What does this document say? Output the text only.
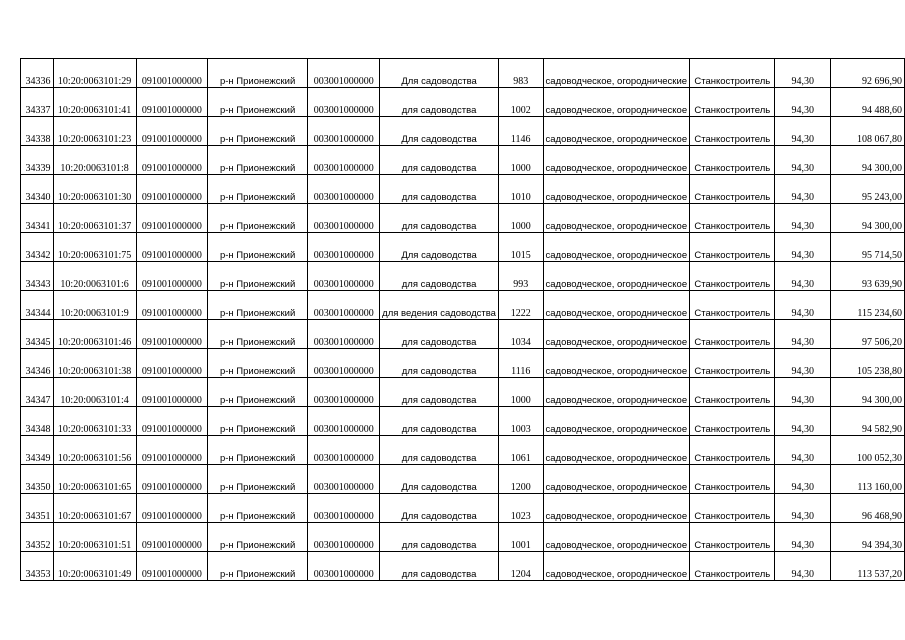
34336	10:20:0063101:29	091001000000	р-н Прионежский	003001000000	Для садоводства	983	садоводческое, огороднические	Станкостроитель	94,30	92 696,90
34337	10:20:0063101:41	091001000000	р-н Прионежский	003001000000	для садоводства	1002	садоводческое, огородническое	Станкостроитель	94,30	94 488,60
34338	10:20:0063101:23	091001000000	р-н Прионежский	003001000000	Для садоводства	1146	садоводческое, огородническое	Станкостроитель	94,30	108 067,80
34339	10:20:0063101:8	091001000000	р-н Прионежский	003001000000	для садоводства	1000	садоводческое, огородническое	Станкостроитель	94,30	94 300,00
34340	10:20:0063101:30	091001000000	р-н Прионежский	003001000000	для садоводства	1010	садоводческое, огородническое	Станкостроитель	94,30	95 243,00
34341	10:20:0063101:37	091001000000	р-н Прионежский	003001000000	для садоводства	1000	садоводческое, огородническое	Станкостроитель	94,30	94 300,00
34342	10:20:0063101:75	091001000000	р-н Прионежский	003001000000	Для садоводства	1015	садоводческое, огородническое	Станкостроитель	94,30	95 714,50
34343	10:20:0063101:6	091001000000	р-н Прионежский	003001000000	для садоводства	993	садоводческое, огородническое	Станкостроитель	94,30	93 639,90
34344	10:20:0063101:9	091001000000	р-н Прионежский	003001000000	для ведения садоводства	1222	садоводческое, огородническое	Станкостроитель	94,30	115 234,60
34345	10:20:0063101:46	091001000000	р-н Прионежский	003001000000	для садоводства	1034	садоводческое, огородническое	Станкостроитель	94,30	97 506,20
34346	10:20:0063101:38	091001000000	р-н Прионежский	003001000000	для садоводства	1116	садоводческое, огородническое	Станкостроитель	94,30	105 238,80
34347	10:20:0063101:4	091001000000	р-н Прионежский	003001000000	для садоводства	1000	садоводческое, огородническое	Станкостроитель	94,30	94 300,00
34348	10:20:0063101:33	091001000000	р-н Прионежский	003001000000	для садоводства	1003	садоводческое, огородническое	Станкостроитель	94,30	94 582,90
34349	10:20:0063101:56	091001000000	р-н Прионежский	003001000000	для садоводства	1061	садоводческое, огородническое	Станкостроитель	94,30	100 052,30
34350	10:20:0063101:65	091001000000	р-н Прионежский	003001000000	Для садоводства	1200	садоводческое, огородническое	Станкостроитель	94,30	113 160,00
34351	10:20:0063101:67	091001000000	р-н Прионежский	003001000000	Для садоводства	1023	садоводческое, огородническое	Станкостроитель	94,30	96 468,90
34352	10:20:0063101:51	091001000000	р-н Прионежский	003001000000	для садоводства	1001	садоводческое, огородническое	Станкостроитель	94,30	94 394,30
34353	10:20:0063101:49	091001000000	р-н Прионежский	003001000000	для садоводства	1204	садоводческое, огородническое	Станкостроитель	94,30	113 537,20
